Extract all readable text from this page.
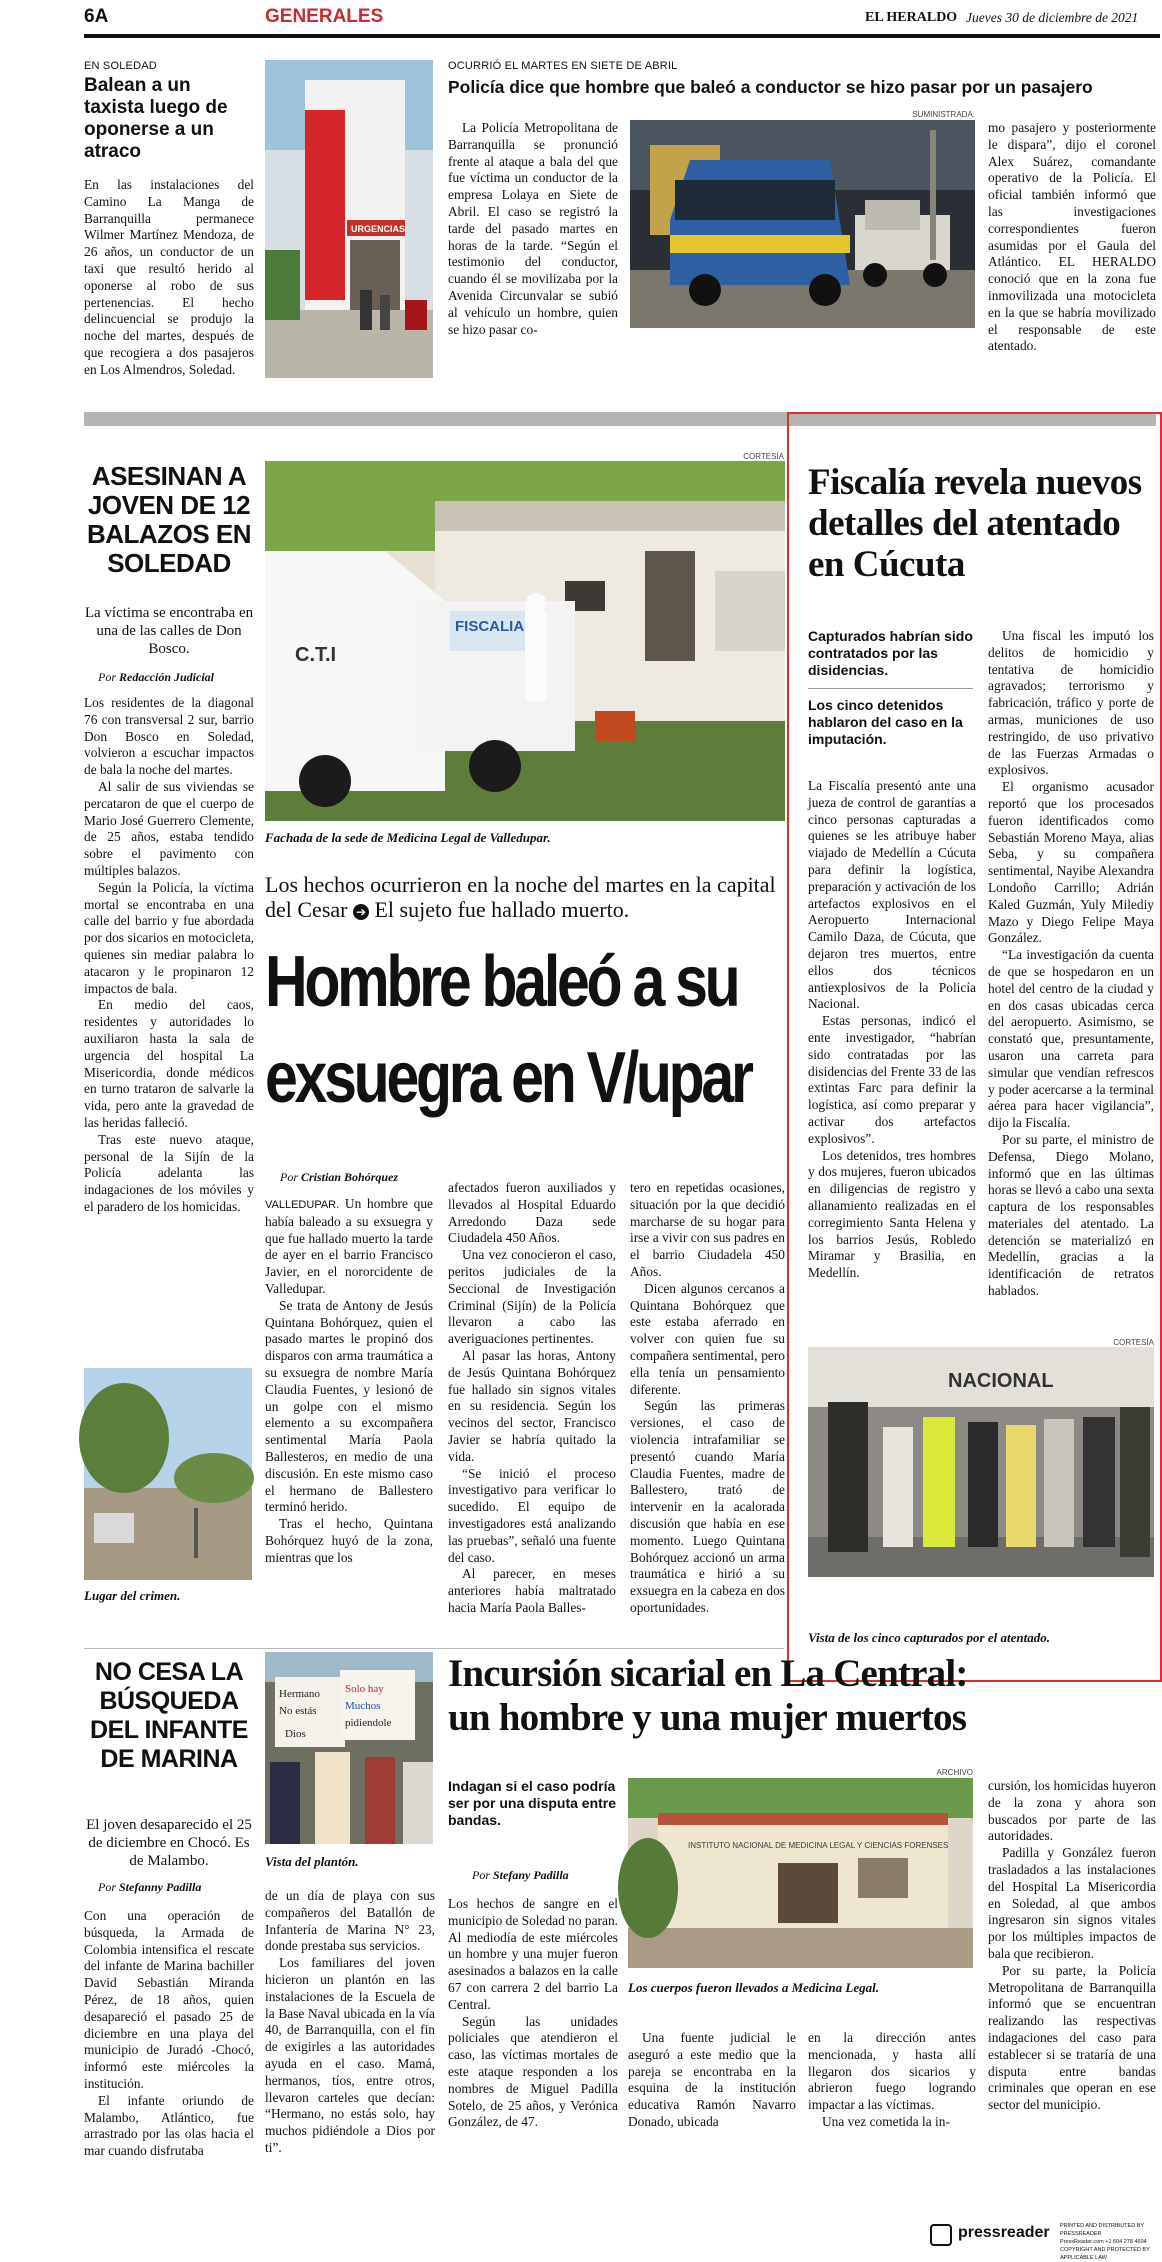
6A	GENERALES	EL HERALDO Jueves 30 de diciembre de 2021
EN SOLEDAD
Balean a un taxista luego de oponerse a un atraco
En las instalaciones del Camino La Manga de Barranquilla permanece Wilmer Martínez Mendoza, de 26 años, un conductor de un taxi que resultó herido al oponerse al robo de sus pertenencias. El hecho delincuencial se produjo la noche del martes, después de que recogiera a dos pasajeros en Los Almendros, Soledad.
URGENCIAS
OCURRIÓ EL MARTES EN SIETE DE ABRIL
Policía dice que hombre que baleó a conductor se hizo pasar por un pasajero
SUMINISTRADA.
La Policía Metropolitana de Barranquilla se pronunció frente al ataque a bala del que fue víctima un conductor de la empresa Lolaya en Siete de Abril. El caso se registró la tarde del pasado martes en horas de la tarde. “Según el testimonio del conductor, cuando él se movilizaba por la Avenida Circunvalar se subió al vehículo un hombre, quien se hizo pasar co-
mo pasajero y posteriormente le dispara”, dijo el coronel Alex Suárez, comandante operativo de la Policía. El oficial también informó que las investigaciones correspondientes fueron asumidas por el Gaula del Atlántico. EL HERALDO conoció que en la zona fue inmovilizada una motocicleta en la que se habría movilizado el responsable de este atentado.
ASESINAN A JOVEN DE 12 BALAZOS EN SOLEDAD
La víctima se encontraba en una de las calles de Don Bosco.
Por Redacción Judicial

Los residentes de la diagonal 76 con transversal 2 sur, barrio Don Bosco en Soledad, volvieron a escuchar impactos de bala la noche del martes.

Al salir de sus viviendas se percataron de que el cuerpo de Mario José Guerrero Clemente, de 25 años, estaba tendido sobre el pavimento con múltiples balazos.

Según la Policía, la víctima mortal se encontraba en una calle del barrio y fue abordada por dos sicarios en motocicleta, quienes sin mediar palabra lo atacaron y le propinaron 12 impactos de bala.

En medio del caos, residentes y autoridades lo auxiliaron hasta la sala de urgencia del hospital La Misericordia, donde médicos en turno trataron de salvarle la vida, pero ante la gravedad de las heridas falleció.

Tras este nuevo ataque, personal de la Sijín de la Policía adelanta las indagaciones de los móviles y el paradero de los homicidas.

Lugar del crimen.
CORTESÍA
FISCALIA
C.T.I
Fachada de la sede de Medicina Legal de Valledupar.
Los hechos ocurrieron en la noche del martes en la capital del Cesar ➔ El sujeto fue hallado muerto.
Hombre baleó a su
exsuegra en V/upar
Por Cristian Bohórquez

VALLEDUPAR. Un hombre que había baleado a su exsuegra y que fue hallado muerto la tarde de ayer en el barrio Francisco Javier, en el nororcidente de Valledupar.

Se trata de Antony de Jesús Quintana Bohórquez, quien el pasado martes le propinó dos disparos con arma traumática a su exsuegra de nombre María Claudia Fuentes, y lesionó de un golpe con el mismo elemento a su excompañera sentimental María Paola Ballesteros, en medio de una discusión. En este mismo caso el hermano de Ballestero terminó herido.

Tras el hecho, Quintana Bohórquez huyó de la zona, mientras que los

afectados fueron auxiliados y llevados al Hospital Eduardo Arredondo Daza sede Ciudadela 450 Años.

Una vez conocieron el caso, peritos judiciales de la Seccional de Investigación Criminal (Sijín) de la Policía llevaron a cabo las averiguaciones pertinentes.

Al pasar las horas, Antony de Jesús Quintana Bohórquez fue hallado sin signos vitales en su residencia. Según los vecinos del sector, Francisco Javier se habría quitado la vida.

“Se inició el proceso investigativo para verificar lo sucedido. El equipo de investigadores está analizando las pruebas”, señaló una fuente del caso.

Al parecer, en meses anteriores había maltratado hacia María Paola Balles-

tero en repetidas ocasiones, situación por la que decidió marcharse de su hogar para irse a vivir con sus padres en el barrio Ciudadela 450 Años.

Dicen algunos cercanos a Quintana Bohórquez que este estaba aferrado en volver con quien fue su compañera sentimental, pero ella tenía un pensamiento diferente.

Según las primeras versiones, el caso de violencia intrafamiliar se presentó cuando María Claudia Fuentes, madre de Ballestero, trató de intervenir en la acalorada discusión que había en ese momento. Luego Quintana Bohórquez accionó un arma traumática e hirió a su exsuegra en la cabeza en dos oportunidades.

Fiscalía revela nuevos detalles del atentado en Cúcuta
Capturados habrían sido contratados por las disidencias.
Los cinco detenidos hablaron del caso en la imputación.

La Fiscalía presentó ante una jueza de control de garantías a cinco personas capturadas a quienes se les atribuye haber viajado de Medellín a Cúcuta para definir la logística, preparación y activación de los artefactos explosivos en el Aeropuerto Internacional Camilo Daza, de Cúcuta, que dejaron tres muertos, entre ellos dos técnicos antiexplosivos de la Policía Nacional.

Estas personas, indicó el ente investigador, “habrían sido contratadas por las disidencias del Frente 33 de las extintas Farc para definir la logística, así como preparar y activar dos artefactos explosivos”.

Los detenidos, tres hombres y dos mujeres, fueron ubicados en diligencias de registro y allanamiento realizadas en el corregimiento Santa Helena y los barrios Jesús, Robledo Miramar y Brasilia, en Medellín.

Una fiscal les imputó los delitos de homicidio y tentativa de homicidio agravados; terrorismo y fabricación, tráfico y porte de armas, municiones de uso restringido, de uso privativo de las Fuerzas Armadas o explosivos.

El organismo acusador reportó que los procesados fueron identificados como Sebastián Moreno Maya, alias Seba, y su compañera sentimental, Nayibe Alexandra Londoño Carrillo; Adrián Kaled Guzmán, Yuly Milediy Mazo y Diego Felipe Maya González.

“La investigación da cuenta de que se hospedaron en un hotel del centro de la ciudad y en dos casas ubicadas cerca del aeropuerto. Asimismo, se constató que, presuntamente, usaron una carreta para simular que vendían refrescos y poder acercarse a la terminal aérea para hacer vigilancia”, dijo la Fiscalía.

Por su parte, el ministro de Defensa, Diego Molano, informó que en las últimas horas se llevó a cabo una sexta captura de los responsables materiales del atentado. La detención se materializó en Medellín, gracias a la identificación de retratos hablados.

CORTESÍA
NACIONAL
Vista de los cinco capturados por el atentado.
NO CESA LA BÚSQUEDA DEL INFANTE DE MARINA
El joven desaparecido el 25 de diciembre en Chocó. Es de Malambo.
Por Stefanny Padilla
Hermano
No estás
Solo hay
Muchos
pidiendole
Dios
Vista del plantón.

Con una operación de búsqueda, la Armada de Colombia intensifica el rescate del infante de Marina bachiller David Sebastián Miranda Pérez, de 18 años, quien desapareció el pasado 25 de diciembre en una playa del municipio de Juradó -Chocó, informó este miércoles la institución.

El infante oriundo de Malambo, Atlántico, fue arrastrado por las olas hacia el mar cuando disfrutaba

de un día de playa con sus compañeros del Batallón de Infantería de Marina N° 23, donde prestaba sus servicios.

Los familiares del joven hicieron un plantón en las instalaciones de la Escuela de la Base Naval ubicada en la vía 40, de Barranquilla, con el fin de exigirles a las autoridades ayuda en el caso. Mamá, hermanos, tíos, entre otros, llevaron carteles que decían: “Hermano, no estás solo, hay muchos pidiéndole a Dios por ti”.

Incursión sicarial en La Central:
un hombre y una mujer muertos
Indagan si el caso podría ser por una disputa entre bandas.
Por Stefany Padilla

Los hechos de sangre en el municipio de Soledad no paran. Al mediodía de este miércoles un hombre y una mujer fueron asesinados a balazos en la calle 67 con carrera 2 del barrio La Central.

Según las unidades policiales que atendieron el caso, las víctimas mortales de este ataque responden a los nombres de Miguel Padilla Sotelo, de 25 años, y Verónica González, de 47.

ARCHIVO
INSTITUTO NACIONAL DE MEDICINA LEGAL Y CIENCIAS FORENSES
Los cuerpos fueron llevados a Medicina Legal.

Una fuente judicial le aseguró a este medio que la pareja se encontraba en la esquina de la institución educativa Ramón Navarro Donado, ubicada

en la dirección antes mencionada, y hasta allí llegaron dos sicarios y abrieron fuego logrando impactar a las víctimas.

Una vez cometida la in-

cursión, los homicidas huyeron de la zona y ahora son buscados por parte de las autoridades.

Padilla y González fueron trasladados a las instalaciones del Hospital La Misericordia en Soledad, al que ambos ingresaron sin signos vitales por los múltiples impactos de bala que recibieron.

Por su parte, la Policía Metropolitana de Barranquilla informó que se encuentran realizando las respectivas indagaciones del caso para establecer si se trataría de una disputa entre bandas criminales que operan en ese sector del municipio.

pressreader PRINTED AND DISTRIBUTED BY PRESSREADER
PressReader.com +1 604 278 4604
COPYRIGHT AND PROTECTED BY APPLICABLE LAW
